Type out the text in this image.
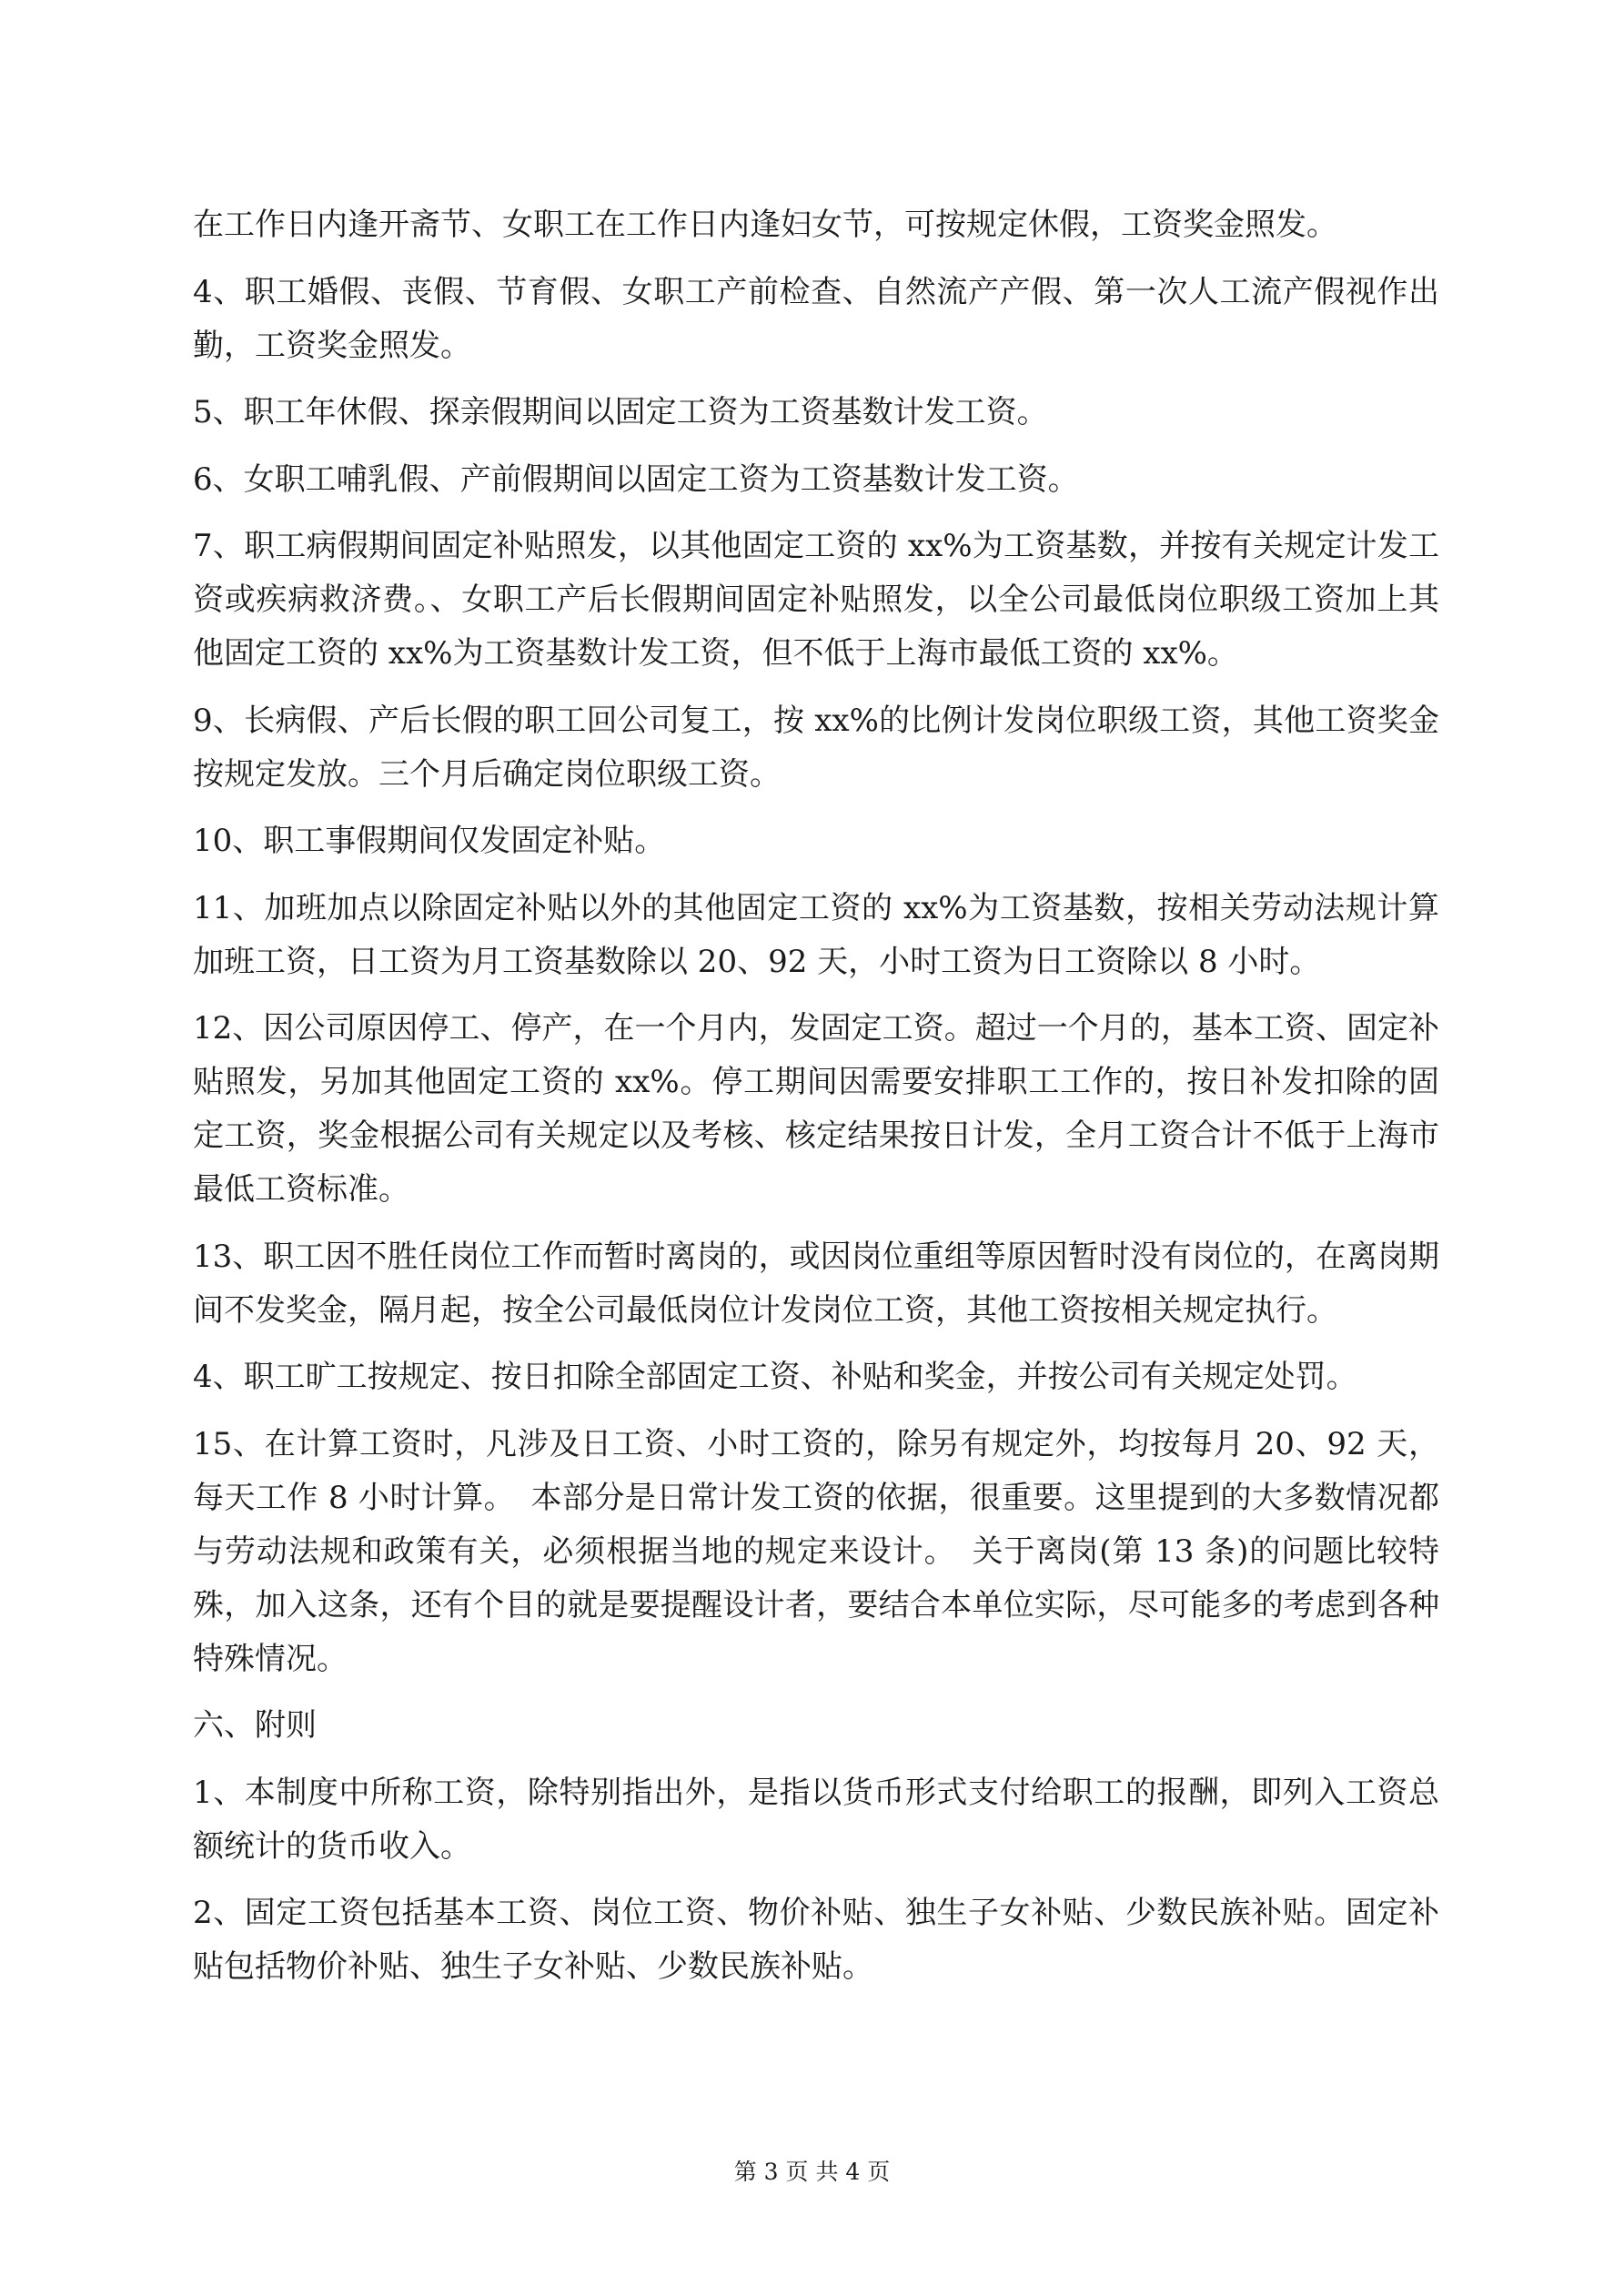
在工作日内逢开斋节、女职工在工作日内逢妇女节，可按规定休假，工资奖金照发。

4、职工婚假、丧假、节育假、女职工产前检查、自然流产产假、第一次人工流产假视作出勤，工资奖金照发。

5、职工年休假、探亲假期间以固定工资为工资基数计发工资。

6、女职工哺乳假、产前假期间以固定工资为工资基数计发工资。

7、职工病假期间固定补贴照发，以其他固定工资的 xx%为工资基数，并按有关规定计发工资或疾病救济费。、女职工产后长假期间固定补贴照发，以全公司最低岗位职级工资加上其他固定工资的 xx%为工资基数计发工资，但不低于上海市最低工资的 xx%。

9、长病假、产后长假的职工回公司复工，按 xx%的比例计发岗位职级工资，其他工资奖金按规定发放。三个月后确定岗位职级工资。

10、职工事假期间仅发固定补贴。

11、加班加点以除固定补贴以外的其他固定工资的 xx%为工资基数，按相关劳动法规计算加班工资，日工资为月工资基数除以 20、92 天，小时工资为日工资除以 8 小时。

12、因公司原因停工、停产，在一个月内，发固定工资。超过一个月的，基本工资、固定补贴照发，另加其他固定工资的 xx%。停工期间因需要安排职工工作的，按日补发扣除的固定工资，奖金根据公司有关规定以及考核、核定结果按日计发，全月工资合计不低于上海市最低工资标准。

13、职工因不胜任岗位工作而暂时离岗的，或因岗位重组等原因暂时没有岗位的，在离岗期间不发奖金，隔月起，按全公司最低岗位计发岗位工资，其他工资按相关规定执行。

4、职工旷工按规定、按日扣除全部固定工资、补贴和奖金，并按公司有关规定处罚。

15、在计算工资时，凡涉及日工资、小时工资的，除另有规定外，均按每月 20、92 天，每天工作 8 小时计算。　本部分是日常计发工资的依据，很重要。这里提到的大多数情况都与劳动法规和政策有关，必须根据当地的规定来设计。　关于离岗(第 13 条)的问题比较特殊，加入这条，还有个目的就是要提醒设计者，要结合本单位实际，尽可能多的考虑到各种特殊情况。

六、附则

1、本制度中所称工资，除特别指出外，是指以货币形式支付给职工的报酬，即列入工资总额统计的货币收入。

2、固定工资包括基本工资、岗位工资、物价补贴、独生子女补贴、少数民族补贴。固定补贴包括物价补贴、独生子女补贴、少数民族补贴。

第 3 页 共 4 页
